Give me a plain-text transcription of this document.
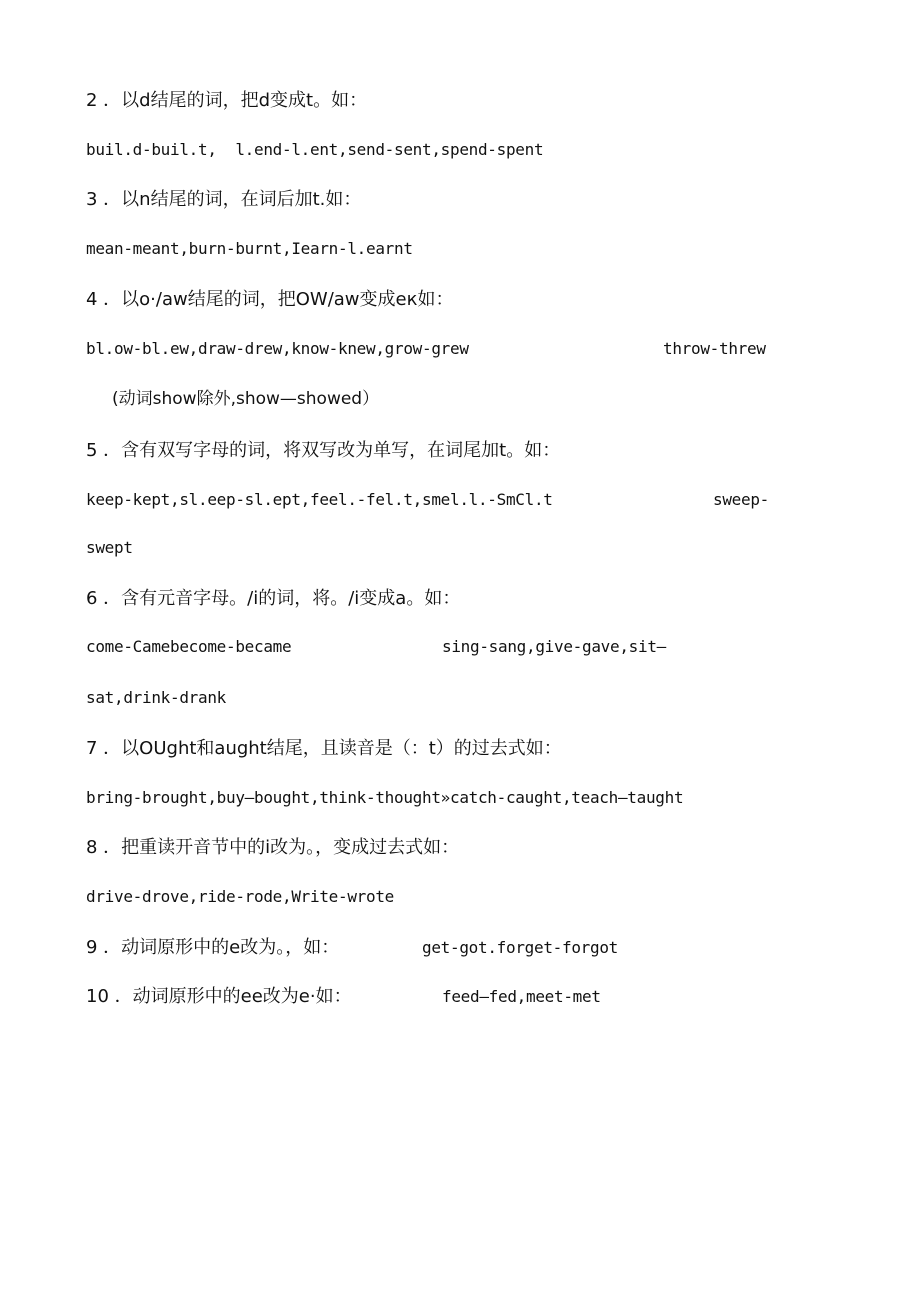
2 ．以d结尾的词，把d变成t。如：
buil.d-buil.t,  l.end-l.ent,send-sent,spend-spent
3 ．以n结尾的词，在词后加t.如：
mean-meant,burn-burnt,Iearn-l.earnt
4 ．以o·/aw结尾的词，把OW/aw变成eк如：
bl.ow-bl.ew,draw-drew,know-knew,grow-grew	throw-threw
(动词show除外,show—showed）
5 ．含有双写字母的词，将双写改为单写，在词尾加t。如：
keep-kept,sl.eep-sl.ept,feel.-fel.t,smel.l.-SmCl.t	sweep-
swept
6 ．含有元音字母。/i的词，将。/i变成a。如：
come-Camebecome-became	sing-sang,give-gave,sit—
sat,drink-drank
7 ．以OUght和aught结尾，且读音是（：t）的过去式如：
bring-brought,buy—bought,think-thought»catch-caught,teach—taught
8 ．把重读开音节中的i改为。，变成过去式如：
drive-drove,ride-rode,Write-wrote
9 ．动词原形中的e改为。，如：	get-got.forget-forgot
10 ．动词原形中的ee改为e·如：	feed—fed,meet-met
